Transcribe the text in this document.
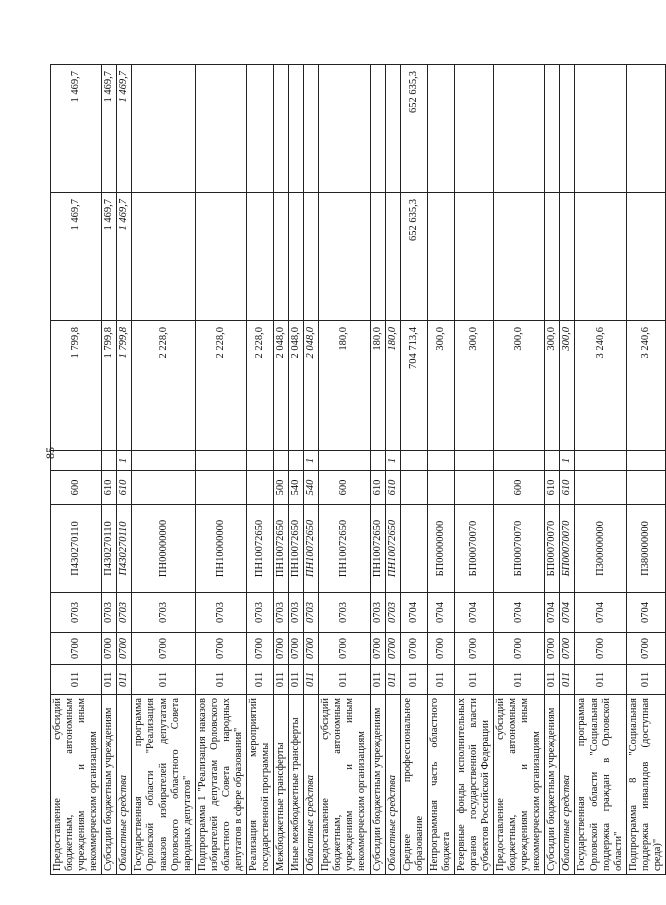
85
Предоставление субсидий бюджетным, автономным учреждениям и иным некоммерческим организациям	011	0700	0703	П430270110	600		1 799,8	1 469,7	1 469,7
Субсидии бюджетным учреждениям	011	0700	0703	П430270110	610		1 799,8	1 469,7	1 469,7
Областные средства	011	0700	0703	П430270110	610	1	1 799,8	1 469,7	1 469,7
Государственная программа Орловской области "Реализация наказов избирателей депутатам Орловского областного Совета народных депутатов"	011	0700	0703	ПН00000000			2 228,0		
Подпрограмма 1 "Реализация наказов избирателей депутатам Орловского областного Совета народных депутатов в сфере образования"	011	0700	0703	ПН10000000			2 228,0		
Реализация мероприятий государственной программы	011	0700	0703	ПН10072650			2 228,0		
Межбюджетные трансферты	011	0700	0703	ПН10072650	500		2 048,0		
Иные межбюджетные трансферты	011	0700	0703	ПН10072650	540		2 048,0		
Областные средства	011	0700	0703	ПН10072650	540	1	2 048,0		
Предоставление субсидий бюджетным, автономным учреждениям и иным некоммерческим организациям	011	0700	0703	ПН10072650	600		180,0		
Субсидии бюджетным учреждениям	011	0700	0703	ПН10072650	610		180,0		
Областные средства	011	0700	0703	ПН10072650	610	1	180,0		
Среднее профессиональное образование	011	0700	0704				704 713,4	652 635,3	652 635,3
Непрограммная часть областного бюджета	011	0700	0704	БП00000000			300,0		
Резервные фонды исполнительных органов государственной власти субъектов Российской Федерации	011	0700	0704	БП00070070			300,0		
Предоставление субсидий бюджетным, автономным учреждениям и иным некоммерческим организациям	011	0700	0704	БП00070070	600		300,0		
Субсидии бюджетным учреждениям	011	0700	0704	БП00070070	610		300,0		
Областные средства	011	0700	0704	БП00070070	610	1	300,0		
Государственная программа Орловской области "Социальная поддержка граждан в Орловской области"	011	0700	0704	П300000000			3 240,6		
Подпрограмма 8 "Социальная поддержка инвалидов (доступная среда)"	011	0700	0704	П380000000			3 240,6		
